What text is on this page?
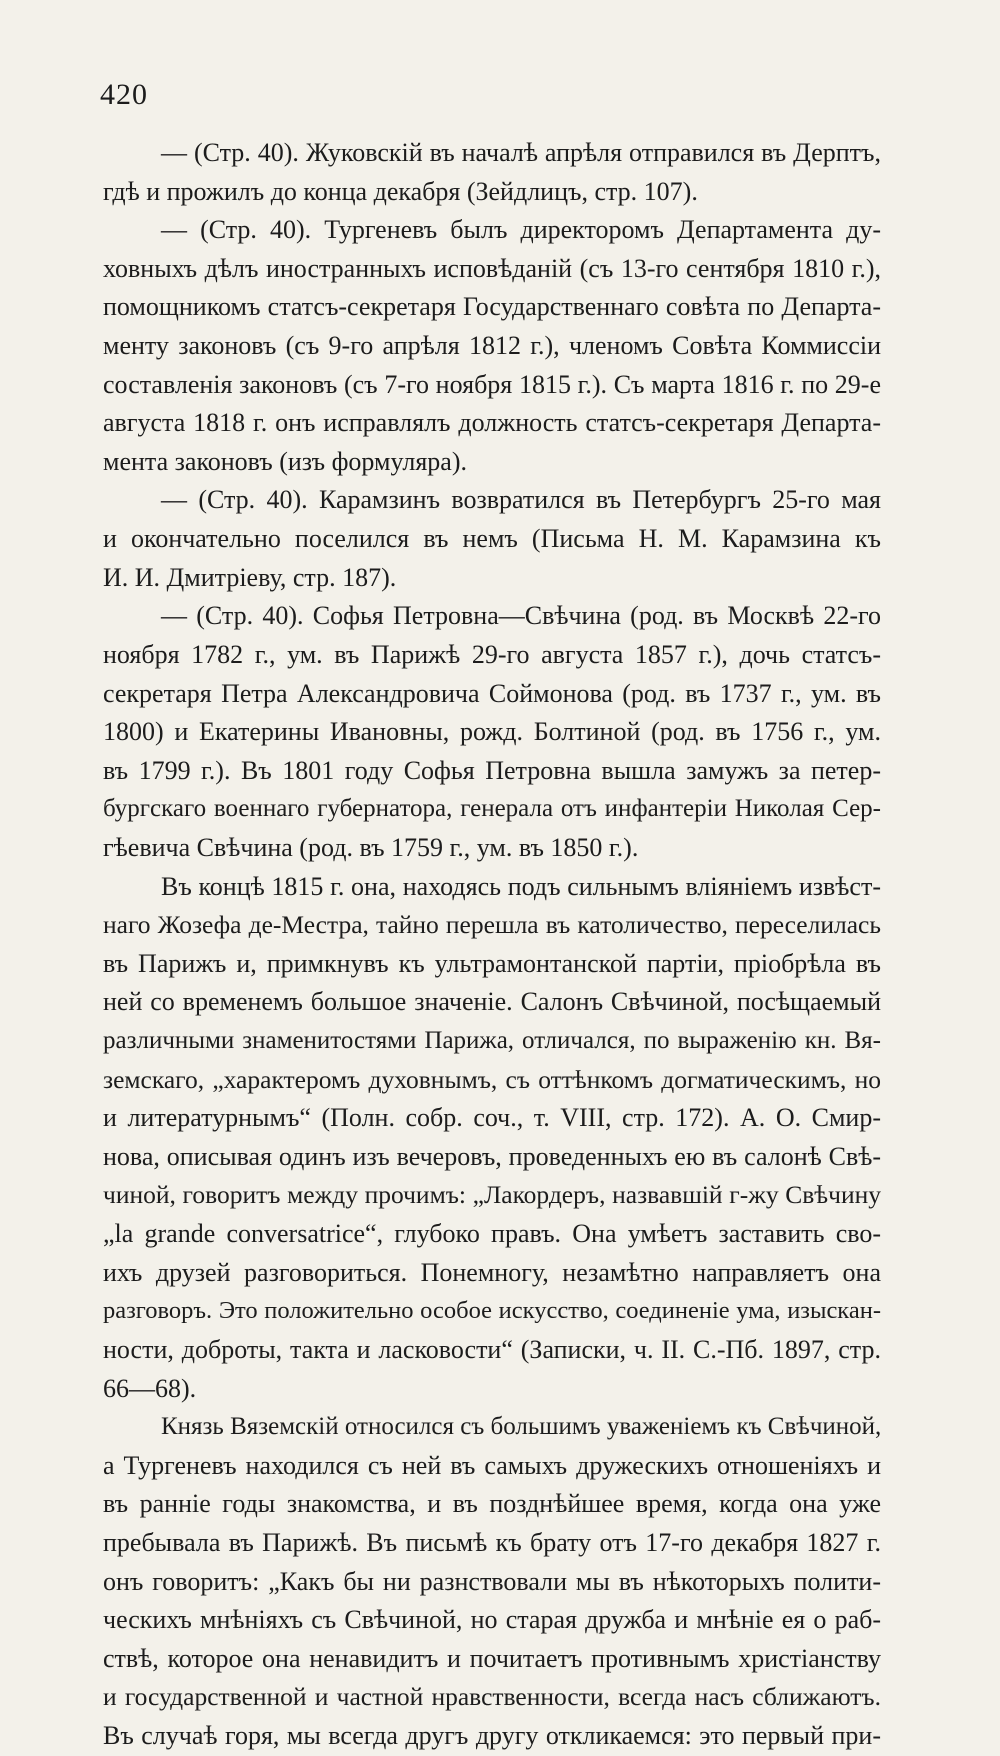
420
— (Стр. 40). Жуковскій въ началѣ апрѣля отправился въ Дерптъ,
гдѣ и прожилъ до конца декабря (Зейдлицъ, стр. 107).
— (Стр. 40). Тургеневъ былъ директоромъ Департамента ду-
ховныхъ дѣлъ иностранныхъ исповѣданій (съ 13-го сентября 1810 г.),
помощникомъ статсъ-секретаря Государственнаго совѣта по Департа-
менту законовъ (съ 9-го апрѣля 1812 г.), членомъ Совѣта Коммиссіи
составленія законовъ (съ 7-го ноября 1815 г.). Съ марта 1816 г. по 29-е
августа 1818 г. онъ исправлялъ должность статсъ-секретаря Департа-
мента законовъ (изъ формуляра).
— (Стр. 40). Карамзинъ возвратился въ Петербургъ 25-го мая
и окончательно поселился въ немъ (Письма Н. М. Карамзина къ
И. И. Дмитріеву, стр. 187).
— (Стр. 40). Софья Петровна—Свѣчина (род. въ Москвѣ 22-го
ноября 1782 г., ум. въ Парижѣ 29-го августа 1857 г.), дочь статсъ-
секретаря Петра Александровича Соймонова (род. въ 1737 г., ум. въ
1800) и Екатерины Ивановны, рожд. Болтиной (род. въ 1756 г., ум.
въ 1799 г.). Въ 1801 году Софья Петровна вышла замужъ за петер-
бургскаго военнаго губернатора, генерала отъ инфантеріи Николая Сер-
гѣевича Свѣчина (род. въ 1759 г., ум. въ 1850 г.).
Въ концѣ 1815 г. она, находясь подъ сильнымъ вліяніемъ извѣст-
наго Жозефа де-Местра, тайно перешла въ католичество, переселилась
въ Парижъ и, примкнувъ къ ультрамонтанской партіи, пріобрѣла въ
ней со временемъ большое значеніе. Салонъ Свѣчиной, посѣщаемый
различными знаменитостями Парижа, отличался, по выраженію кн. Вя-
земскаго, „характеромъ духовнымъ, съ оттѣнкомъ догматическимъ, но
и литературнымъ“ (Полн. собр. соч., т. VIII, стр. 172). А. О. Смир-
нова, описывая одинъ изъ вечеровъ, проведенныхъ ею въ салонѣ Свѣ-
чиной, говоритъ между прочимъ: „Лакордеръ, назвавшій г-жу Свѣчину
„la grande conversatrice“, глубоко правъ. Она умѣетъ заставить сво-
ихъ друзей разговориться. Понемногу, незамѣтно направляетъ она
разговоръ. Это положительно особое искусство, соединеніе ума, изыскан-
ности, доброты, такта и ласковости“ (Записки, ч. II. С.-Пб. 1897, стр.
66—68).
Князь Вяземскій относился съ большимъ уваженіемъ къ Свѣчиной,
а Тургеневъ находился съ ней въ самыхъ дружескихъ отношеніяхъ и
въ ранніе годы знакомства, и въ позднѣйшее время, когда она уже
пребывала въ Парижѣ. Въ письмѣ къ брату отъ 17-го декабря 1827 г.
онъ говоритъ: „Какъ бы ни разнствовали мы въ нѣкоторыхъ полити-
ческихъ мнѣніяхъ съ Свѣчиной, но старая дружба и мнѣніе ея о раб-
ствѣ, которое она ненавидитъ и почитаетъ противнымъ христіанству
и государственной и частной нравственности, всегда насъ сближаютъ.
Въ случаѣ горя, мы всегда другъ другу откликаемся: это первый при-
